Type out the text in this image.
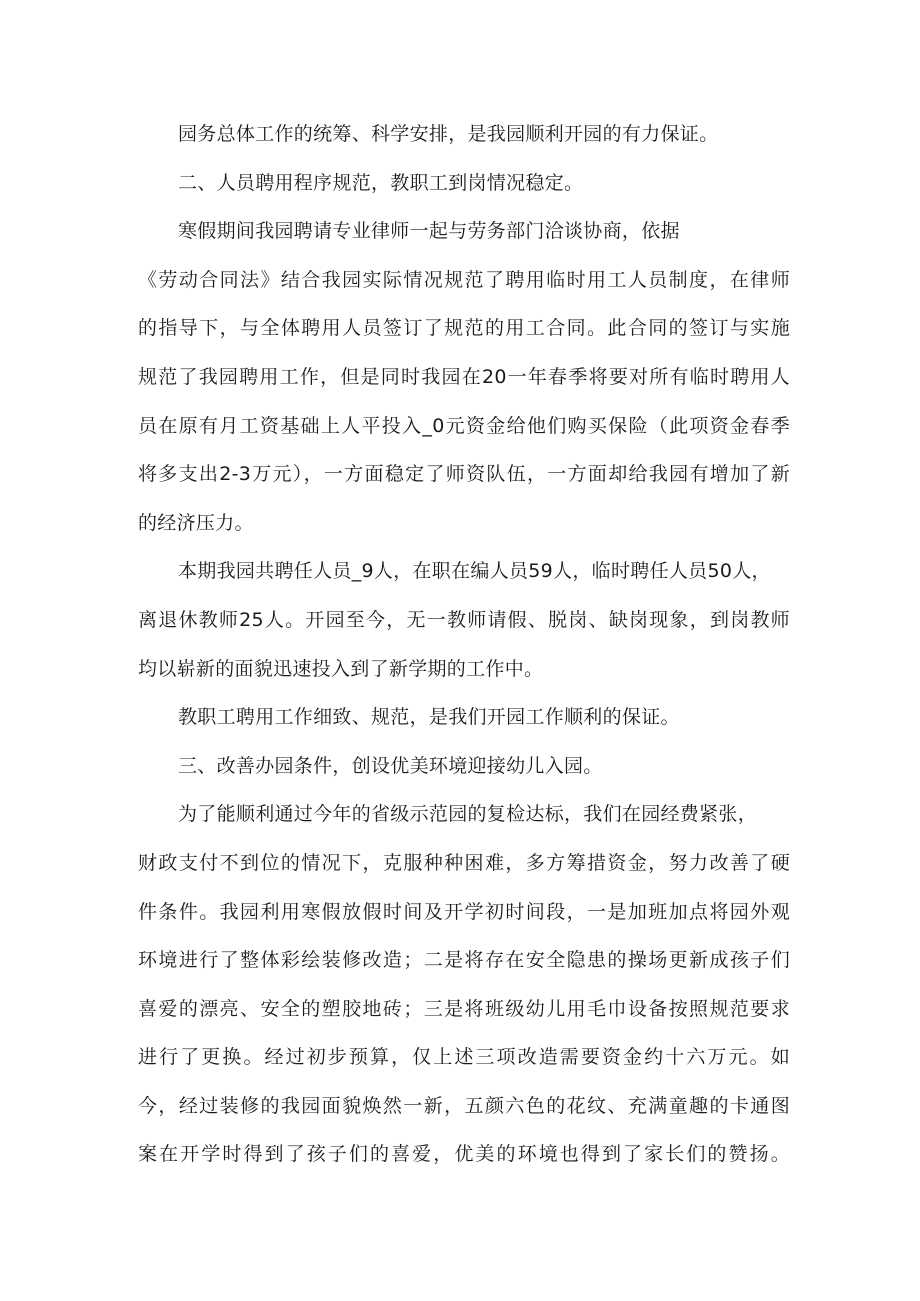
园务总体工作的统筹、科学安排，是我园顺利开园的有力保证。
二、人员聘用程序规范，教职工到岗情况稳定。
寒假期间我园聘请专业律师一起与劳务部门洽谈协商，依据
《劳动合同法》结合我园实际情况规范了聘用临时用工人员制度，在律师
的指导下，与全体聘用人员签订了规范的用工合同。此合同的签订与实施
规范了我园聘用工作，但是同时我园在20一年春季将要对所有临时聘用人
员在原有月工资基础上人平投入_0元资金给他们购买保险（此项资金春季
将多支出2-3万元），一方面稳定了师资队伍，一方面却给我园有增加了新
的经济压力。
本期我园共聘任人员_9人，在职在编人员59人，临时聘任人员50人，
离退休教师25人。开园至今，无一教师请假、脱岗、缺岗现象，到岗教师
均以崭新的面貌迅速投入到了新学期的工作中。
教职工聘用工作细致、规范，是我们开园工作顺利的保证。
三、改善办园条件，创设优美环境迎接幼儿入园。
为了能顺利通过今年的省级示范园的复检达标，我们在园经费紧张，
财政支付不到位的情况下，克服种种困难，多方筹措资金，努力改善了硬
件条件。我园利用寒假放假时间及开学初时间段，一是加班加点将园外观
环境进行了整体彩绘装修改造；二是将存在安全隐患的操场更新成孩子们
喜爱的漂亮、安全的塑胶地砖；三是将班级幼儿用毛巾设备按照规范要求
进行了更换。经过初步预算，仅上述三项改造需要资金约十六万元。如
今，经过装修的我园面貌焕然一新，五颜六色的花纹、充满童趣的卡通图
案在开学时得到了孩子们的喜爱，优美的环境也得到了家长们的赞扬。
